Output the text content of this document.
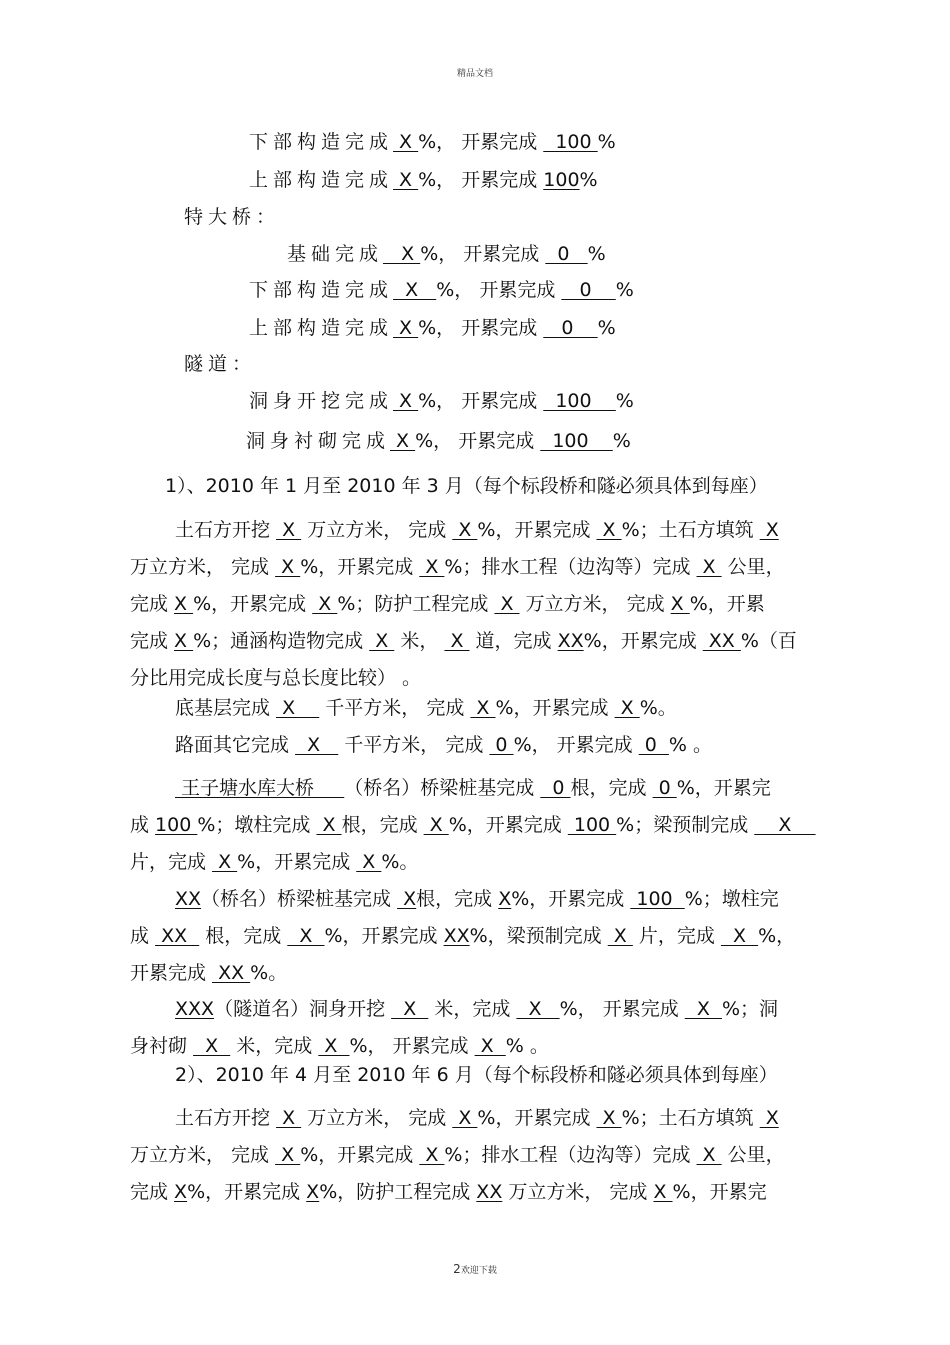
精品文档
下部构造完成 X %， 开累完成   100 %
上部构造完成 X %， 开累完成 100%
特大桥：
基础完成   X %， 开累完成   0   %
下部构造完成  X   %， 开累完成    0    %
上部构造完成 X %， 开累完成    0    %
隧道：
洞身开挖完成 X %， 开累完成   100    %
洞身衬砌完成 X %， 开累完成   100    %
1）、2010 年 1 月至 2010 年 3 月（每个标段桥和隧必须具体到每座）
土石方开挖  X  万立方米， 完成  X %，开累完成  X %；土石方填筑  X
万立方米， 完成  X %，开累完成  X %；排水工程（边沟等）完成  X  公里，
完成 X %，开累完成  X %；防护工程完成  X  万立方米， 完成 X %，开累
完成 X %；通涵构造物完成  X  米，  X  道，完成 XX%，开累完成  XX %（百
分比用完成长度与总长度比较） 。
底基层完成  X     千平方米， 完成  X %，开累完成  X %。
路面其它完成   X    千平方米， 完成  0 %， 开累完成  0  % 。
王子塘水库大桥     （桥名）桥梁桩基完成   0 根，完成  0 %，开累完
成 100 %；墩柱完成  X 根，完成  X %，开累完成  100 %；梁预制完成     X
片，完成  X %，开累完成  X %。
XX（桥名）桥梁桩基完成  X根，完成 X%，开累完成  100  %；墩柱完
成  XX   根，完成   X  %，开累完成 XX%，梁预制完成  X  片，完成   X  %，
开累完成  XX %。
XXX（隧道名）洞身开挖   X   米，完成   X   %， 开累完成   X  %；洞
身衬砌   X   米，完成  X  %， 开累完成  X  % 。
2）、2010 年 4 月至 2010 年 6 月（每个标段桥和隧必须具体到每座）
土石方开挖  X  万立方米， 完成  X %，开累完成  X %；土石方填筑  X
万立方米， 完成  X %，开累完成  X %；排水工程（边沟等）完成  X  公里，
完成 X%，开累完成 X%，防护工程完成 XX 万立方米， 完成 X %，开累完
2欢迎下载
